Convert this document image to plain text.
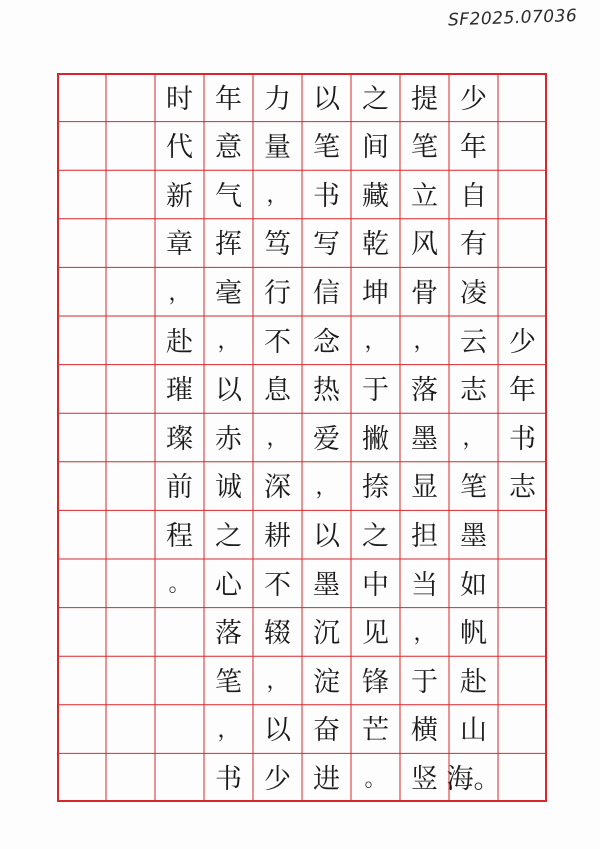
SF2025.07036
少
年
书
志
少
年
自
有
凌
云
志
，
笔
墨
如
帆
赴
山
海。
提
笔
立
风
骨
，
落
墨
显
担
当
，
于
横
竖
之
间
藏
乾
坤
，
于
撇
捺
之
中
见
锋
芒
。
以
笔
书
写
信
念
热
爱
，
以
墨
沉
淀
奋
进
力
量
，
笃
行
不
息
，
深
耕
不
辍
，
以
少
年
意
气
挥
毫
，
以
赤
诚
之
心
落
笔
，
书
时
代
新
章
，
赴
璀
璨
前
程
。
